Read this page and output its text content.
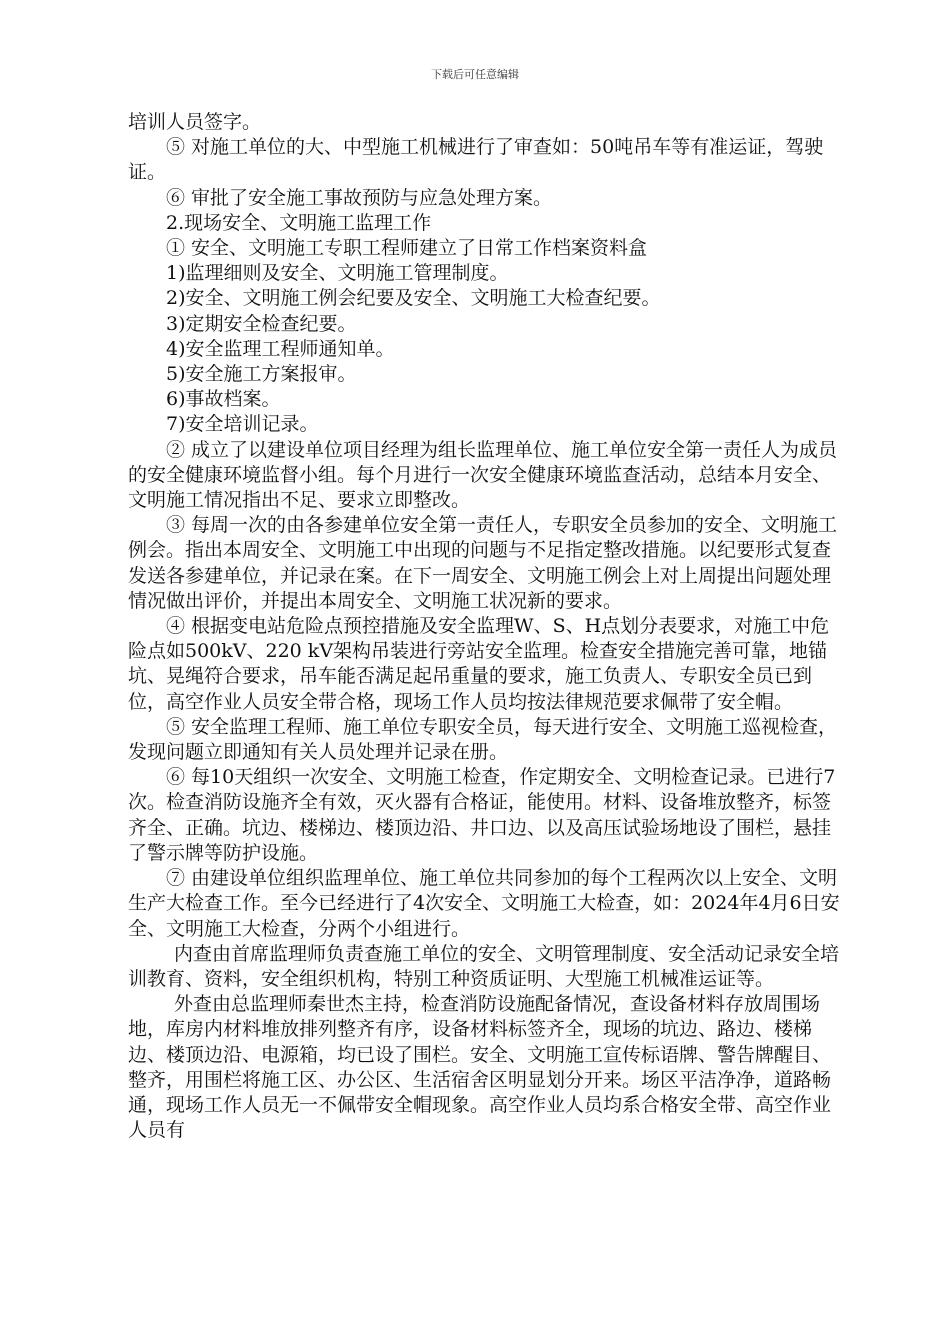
下载后可任意编辑

培训人员签字。

⑤ 对施工单位的大、中型施工机械进行了审查如：50吨吊车等有准运证，驾驶证。

⑥ 审批了安全施工事故预防与应急处理方案。

2.现场安全、文明施工监理工作

① 安全、文明施工专职工程师建立了日常工作档案资料盒

1)监理细则及安全、文明施工管理制度。

2)安全、文明施工例会纪要及安全、文明施工大检查纪要。

3)定期安全检查纪要。

4)安全监理工程师通知单。

5)安全施工方案报审。

6)事故档案。

7)安全培训记录。

② 成立了以建设单位项目经理为组长监理单位、施工单位安全第一责任人为成员的安全健康环境监督小组。每个月进行一次安全健康环境监查活动，总结本月安全、文明施工情况指出不足、要求立即整改。

③ 每周一次的由各参建单位安全第一责任人，专职安全员参加的安全、文明施工例会。指出本周安全、文明施工中出现的问题与不足指定整改措施。以纪要形式复查发送各参建单位，并记录在案。在下一周安全、文明施工例会上对上周提出问题处理情况做出评价，并提出本周安全、文明施工状况新的要求。

④ 根据变电站危险点预控措施及安全监理W、S、H点划分表要求，对施工中危险点如500kV、220 kV架构吊装进行旁站安全监理。检查安全措施完善可靠，地锚坑、晃绳符合要求，吊车能否满足起吊重量的要求，施工负责人、专职安全员已到位，高空作业人员安全带合格，现场工作人员均按法律规范要求佩带了安全帽。

⑤ 安全监理工程师、施工单位专职安全员，每天进行安全、文明施工巡视检查，发现问题立即通知有关人员处理并记录在册。

⑥ 每10天组织一次安全、文明施工检查，作定期安全、文明检查记录。已进行7次。检查消防设施齐全有效，灭火器有合格证，能使用。材料、设备堆放整齐，标签齐全、正确。坑边、楼梯边、楼顶边沿、井口边、以及高压试验场地设了围栏，悬挂了警示牌等防护设施。

⑦ 由建设单位组织监理单位、施工单位共同参加的每个工程两次以上安全、文明生产大检查工作。至今已经进行了4次安全、文明施工大检查，如：2024年4月6日安全、文明施工大检查，分两个小组进行。

内查由首席监理师负责查施工单位的安全、文明管理制度、安全活动记录安全培训教育、资料，安全组织机构，特别工种资质证明、大型施工机械准运证等。

外查由总监理师秦世杰主持，检查消防设施配备情况，查设备材料存放周围场地，库房内材料堆放排列整齐有序，设备材料标签齐全，现场的坑边、路边、楼梯边、楼顶边沿、电源箱，均已设了围栏。安全、文明施工宣传标语牌、警告牌醒目、整齐，用围栏将施工区、办公区、生活宿舍区明显划分开来。场区平洁净净，道路畅通，现场工作人员无一不佩带安全帽现象。高空作业人员均系合格安全带、高空作业人员有
